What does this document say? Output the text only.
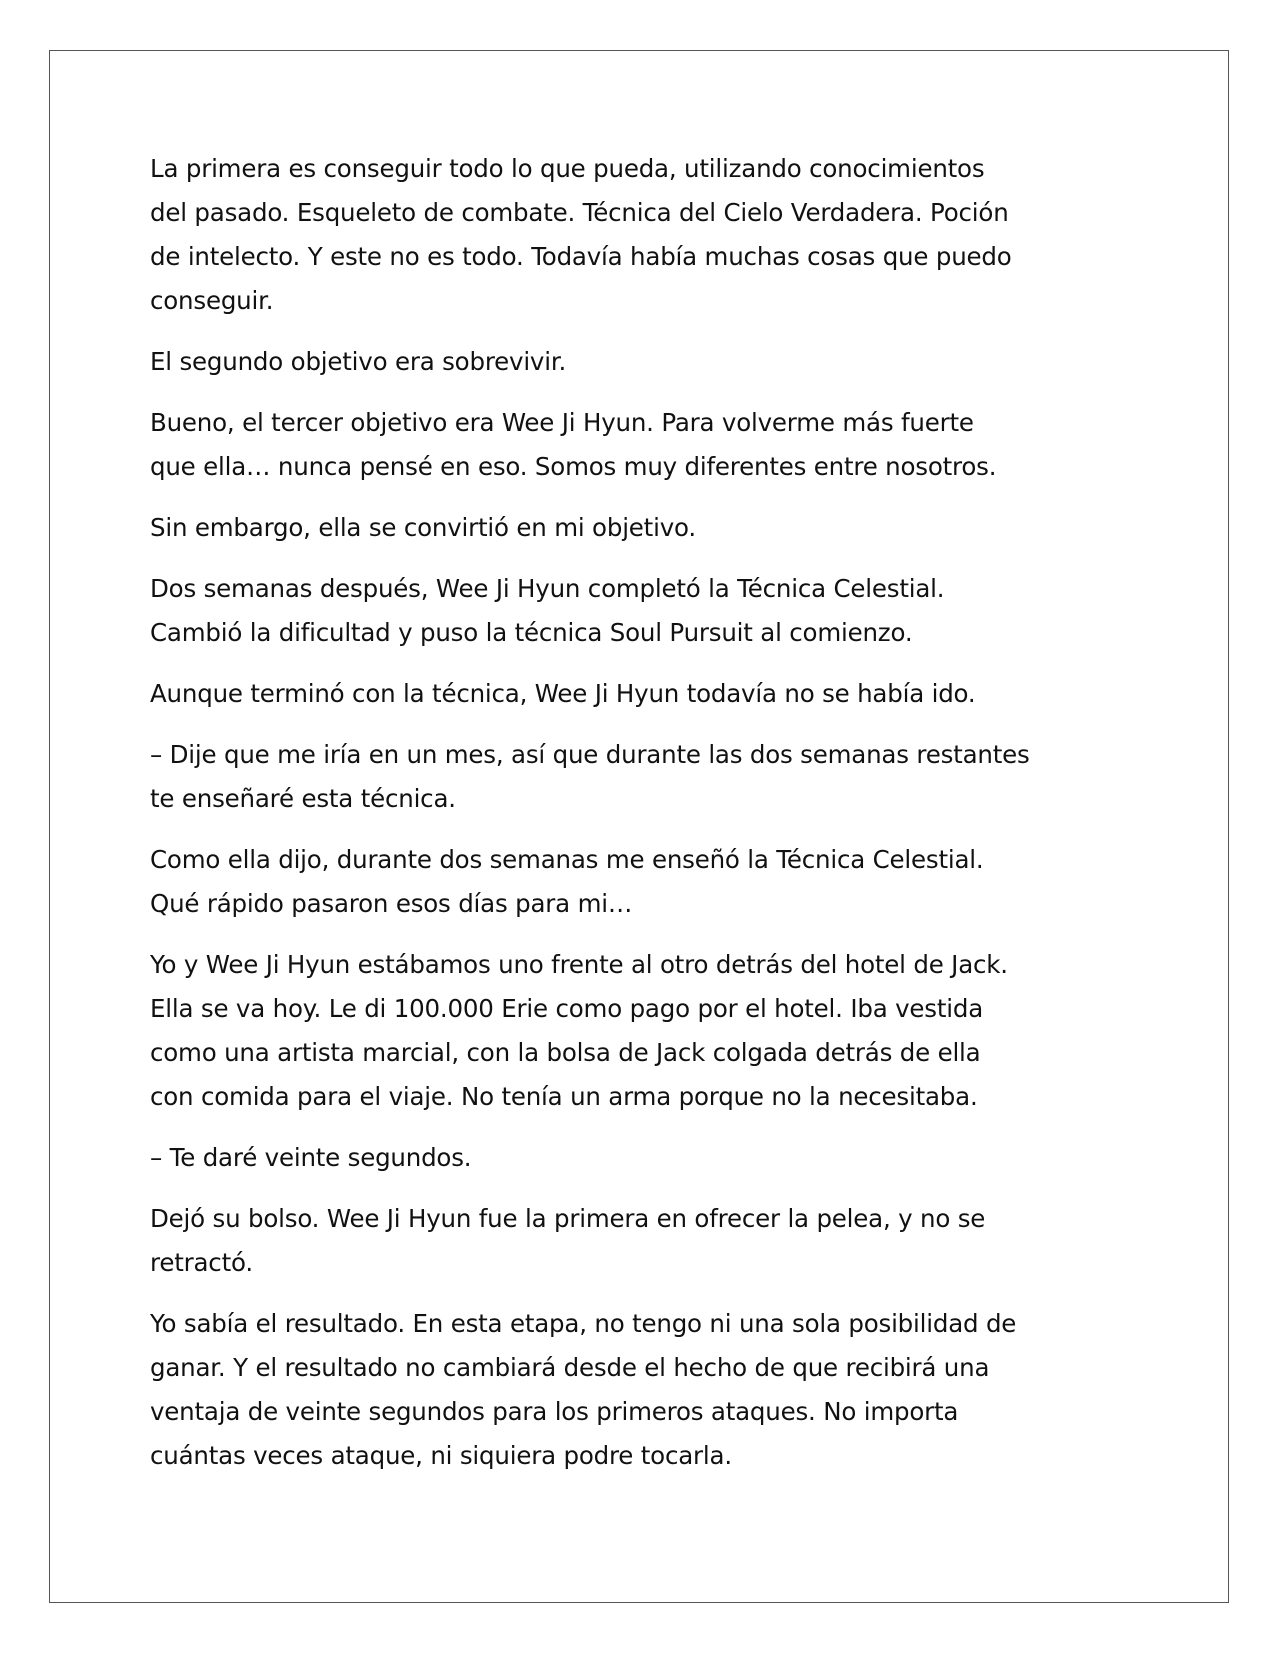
La primera es conseguir todo lo que pueda, utilizando conocimientos
del pasado. Esqueleto de combate. Técnica del Cielo Verdadera. Poción
de intelecto. Y este no es todo. Todavía había muchas cosas que puedo
conseguir.

El segundo objetivo era sobrevivir.

Bueno, el tercer objetivo era Wee Ji Hyun. Para volverme más fuerte
que ella… nunca pensé en eso. Somos muy diferentes entre nosotros.

Sin embargo, ella se convirtió en mi objetivo.

Dos semanas después, Wee Ji Hyun completó la Técnica Celestial.
Cambió la dificultad y puso la técnica Soul Pursuit al comienzo.

Aunque terminó con la técnica, Wee Ji Hyun todavía no se había ido.

– Dije que me iría en un mes, así que durante las dos semanas restantes
te enseñaré esta técnica.

Como ella dijo, durante dos semanas me enseñó la Técnica Celestial.
Qué rápido pasaron esos días para mi…

Yo y Wee Ji Hyun estábamos uno frente al otro detrás del hotel de Jack.
Ella se va hoy. Le di 100.000 Erie como pago por el hotel. Iba vestida
como una artista marcial, con la bolsa de Jack colgada detrás de ella
con comida para el viaje. No tenía un arma porque no la necesitaba.

– Te daré veinte segundos.

Dejó su bolso. Wee Ji Hyun fue la primera en ofrecer la pelea, y no se
retractó.

Yo sabía el resultado. En esta etapa, no tengo ni una sola posibilidad de
ganar. Y el resultado no cambiará desde el hecho de que recibirá una
ventaja de veinte segundos para los primeros ataques. No importa
cuántas veces ataque, ni siquiera podre tocarla.
